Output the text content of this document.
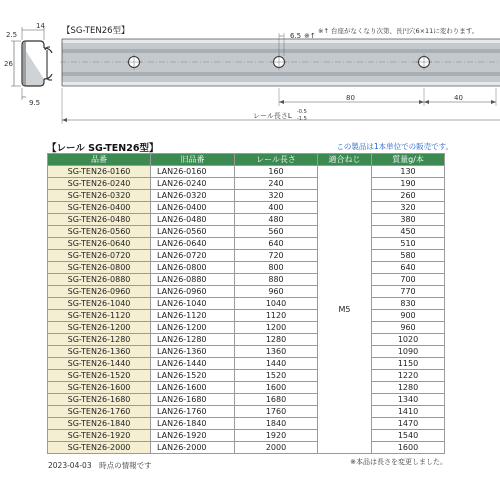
14
2.5
26
9.5
6.5 ※↑
80	40
レール長さL -0.5
-1.5
【SG-TEN26型】	※↑ 台座がなくなり次第、長円穴6×11に変わります。
【レール SG-TEN26型】	この製品は1本単位での販売です。
品番	旧品番	レール長さ	適合ねじ	質量g/本
SG-TEN26-0160	LAN26-0160	160	M5	130
SG-TEN26-0240	LAN26-0240	240		190
SG-TEN26-0320	LAN26-0320	320		260
SG-TEN26-0400	LAN26-0400	400		320
SG-TEN26-0480	LAN26-0480	480		380
SG-TEN26-0560	LAN26-0560	560		450
SG-TEN26-0640	LAN26-0640	640		510
SG-TEN26-0720	LAN26-0720	720		580
SG-TEN26-0800	LAN26-0800	800		640
SG-TEN26-0880	LAN26-0880	880		700
SG-TEN26-0960	LAN26-0960	960		770
SG-TEN26-1040	LAN26-1040	1040		830
SG-TEN26-1120	LAN26-1120	1120		900
SG-TEN26-1200	LAN26-1200	1200		960
SG-TEN26-1280	LAN26-1280	1280		1020
SG-TEN26-1360	LAN26-1360	1360		1090
SG-TEN26-1440	LAN26-1440	1440		1150
SG-TEN26-1520	LAN26-1520	1520		1220
SG-TEN26-1600	LAN26-1600	1600		1280
SG-TEN26-1680	LAN26-1680	1680		1340
SG-TEN26-1760	LAN26-1760	1760		1410
SG-TEN26-1840	LAN26-1840	1840		1470
SG-TEN26-1920	LAN26-1920	1920		1540
SG-TEN26-2000	LAN26-2000	2000		1600
2023-04-03　時点の情報です	※本品は長さを変更しました。
